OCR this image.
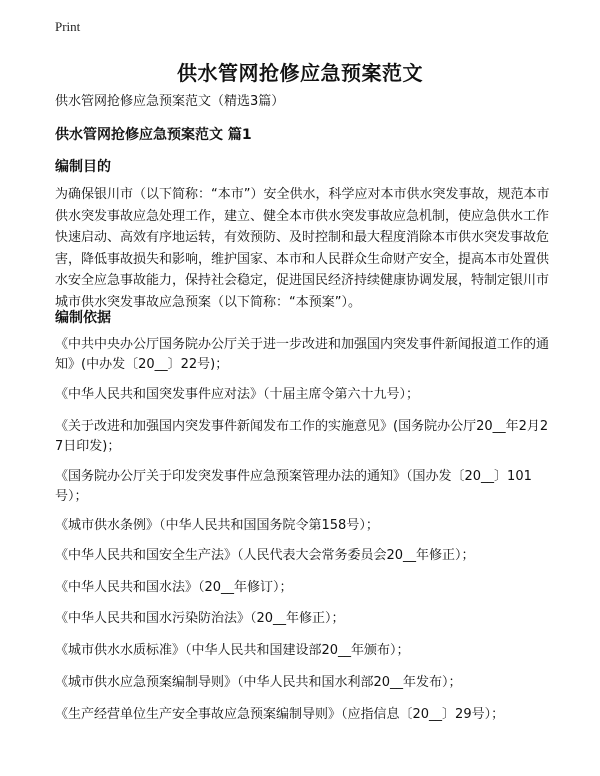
Print
供水管网抢修应急预案范文

供水管网抢修应急预案范文（精选3篇）

供水管网抢修应急预案范文 篇1

编制目的

为确保银川市（以下简称：“本市”）安全供水，科学应对本市供水突发事故，规范本市供水突发事故应急处理工作，建立、健全本市供水突发事故应急机制，使应急供水工作快速启动、高效有序地运转，有效预防、及时控制和最大程度消除本市供水突发事故危害，降低事故损失和影响，维护国家、本市和人民群众生命财产安全，提高本市处置供水安全应急事故能力，保持社会稳定，促进国民经济持续健康协调发展，特制定银川市城市供水突发事故应急预案（以下简称：“本预案”）。

编制依据

《中共中央办公厅国务院办公厅关于进一步改进和加强国内突发事件新闻报道工作的通知》(中办发〔20__〕22号)；

《中华人民共和国突发事件应对法》（十届主席令第六十九号）；

《关于改进和加强国内突发事件新闻发布工作的实施意见》(国务院办公厅20__年2月27日印发)；

《国务院办公厅关于印发突发事件应急预案管理办法的通知》（国办发〔20__〕101号）；

《城市供水条例》（中华人民共和国国务院令第158号）；

《中华人民共和国安全生产法》（人民代表大会常务委员会20__年修正）；

《中华人民共和国水法》（20__年修订）；

《中华人民共和国水污染防治法》（20__年修正）；

《城市供水水质标准》（中华人民共和国建设部20__年颁布）；

《城市供水应急预案编制导则》（中华人民共和国水利部20__年发布）；

《生产经营单位生产安全事故应急预案编制导则》（应指信息〔20__〕29号）；
